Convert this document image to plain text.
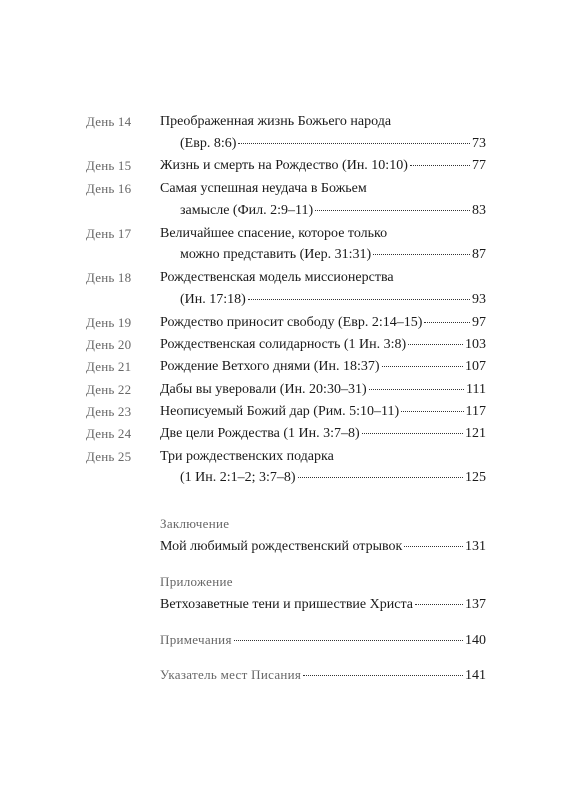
День 14 Преображенная жизнь Божьего народа
(Евр. 8:6)	73
День 15 Жизнь и смерть на Рождество (Ин. 10:10)	77
День 16 Самая успешная неудача в Божьем
замысле (Фил. 2:9–11)	83
День 17 Величайшее спасение, которое только
можно представить (Иер. 31:31)	87
День 18 Рождественская модель миссионерства
(Ин. 17:18)	93
День 19 Рождество приносит свободу (Евр. 2:14–15)	97
День 20 Рождественская солидарность (1 Ин. 3:8)	103
День 21 Рождение Ветхого днями (Ин. 18:37)	107
День 22 Дабы вы уверовали (Ин. 20:30–31)	111
День 23 Неописуемый Божий дар (Рим. 5:10–11)	117
День 24 Две цели Рождества (1 Ин. 3:7–8)	121
День 25 Три рождественских подарка
(1 Ин. 2:1–2; 3:7–8)	125
Заключение
Мой любимый рождественский отрывок	131
Приложение
Ветхозаветные тени и пришествие Христа	137
Примечания	140
Указатель мест Писания	141
